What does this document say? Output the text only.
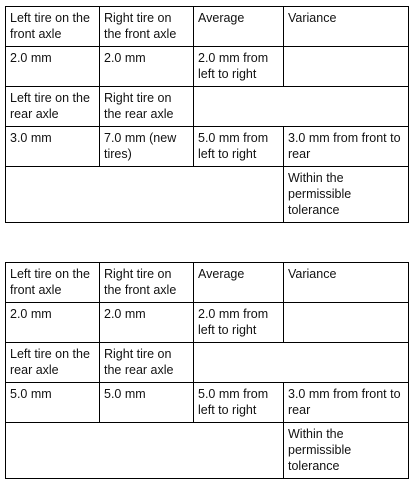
Left tire on the front axle	Right tire on the front axle	Average	Variance
2.0 mm	2.0 mm	2.0 mm from left to right	
Left tire on the rear axle	Right tire on the rear axle		
3.0 mm	7.0 mm (new tires)	5.0 mm from left to right	3.0 mm from front to rear
			Within the permissible tolerance
Left tire on the front axle	Right tire on the front axle	Average	Variance
2.0 mm	2.0 mm	2.0 mm from left to right	
Left tire on the rear axle	Right tire on the rear axle		
5.0 mm	5.0 mm	5.0 mm from left to right	3.0 mm from front to rear
			Within the permissible tolerance
